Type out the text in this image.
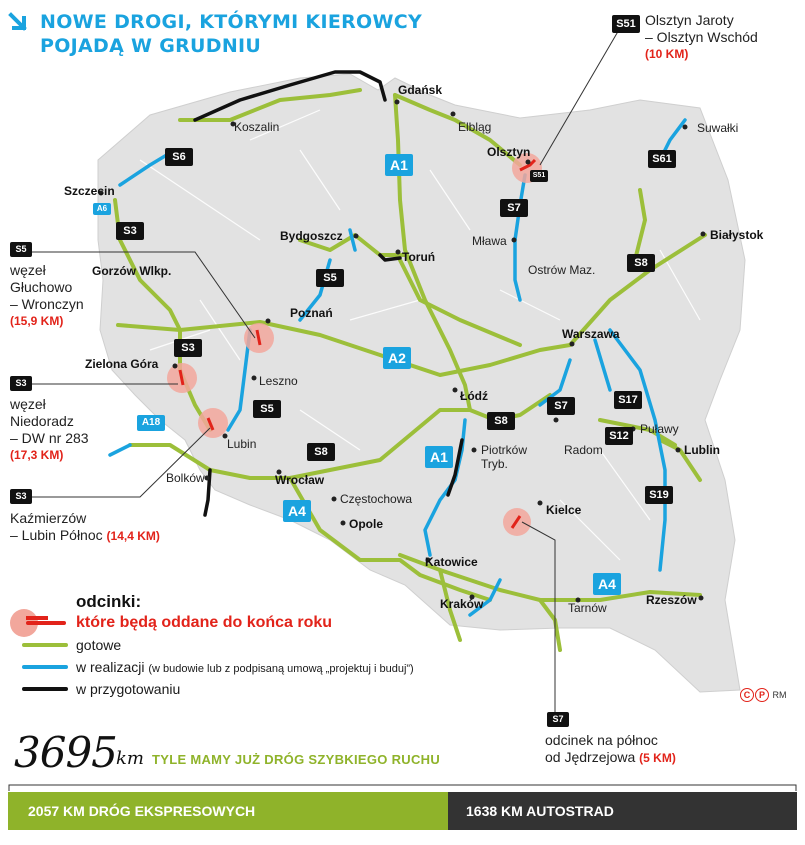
NOWE DROGI, KTÓRYMI KIEROWCY
POJADĄ W GRUDNIU
Gdańsk
Elbląg
Koszalin
Szczecin
Suwałki
Olsztyn
Bydgoszcz
Toruń
Mława	Białystok
Gorzów Wlkp.
Poznań
Ostrów Maz.
Warszawa
Zielona Góra
Leszno
Łódź
Puławy
Lublin
Lubin	Piotrków
Tryb.
Radom
Bolków	Wrocław
Częstochowa
Opole
Kielce
Katowice
Kraków	Tarnów
Rzeszów
S6
A6
S3
A1
S7
S61
S51
S5
S8
A2
S3
A18
S5
S8
S7	S17
S12
A1
S8
A4
S19
A4
S51 Olsztyn Jaroty
– Olsztyn Wschód
(10 KM)
S5
węzeł
Głuchowo
– Wronczyn
(15,9 KM)
S3
węzeł
Niedoradz
– DW nr 283
(17,3 KM)
S3
Kaźmierzów
– Lubin Północ (14,4 KM)
S7
odcinek na północ
od Jędrzejowa (5 KM)
odcinki:
które będą oddane do końca roku
gotowe
w realizacji (w budowie lub z podpisaną umową „projektuj i buduj”)
w przygotowaniu	C P RM
3695 km TYLE MAMY JUŻ DRÓG SZYBKIEGO RUCHU
2057 KM DRÓG EKSPRESOWYCH	1638 KM AUTOSTRAD
